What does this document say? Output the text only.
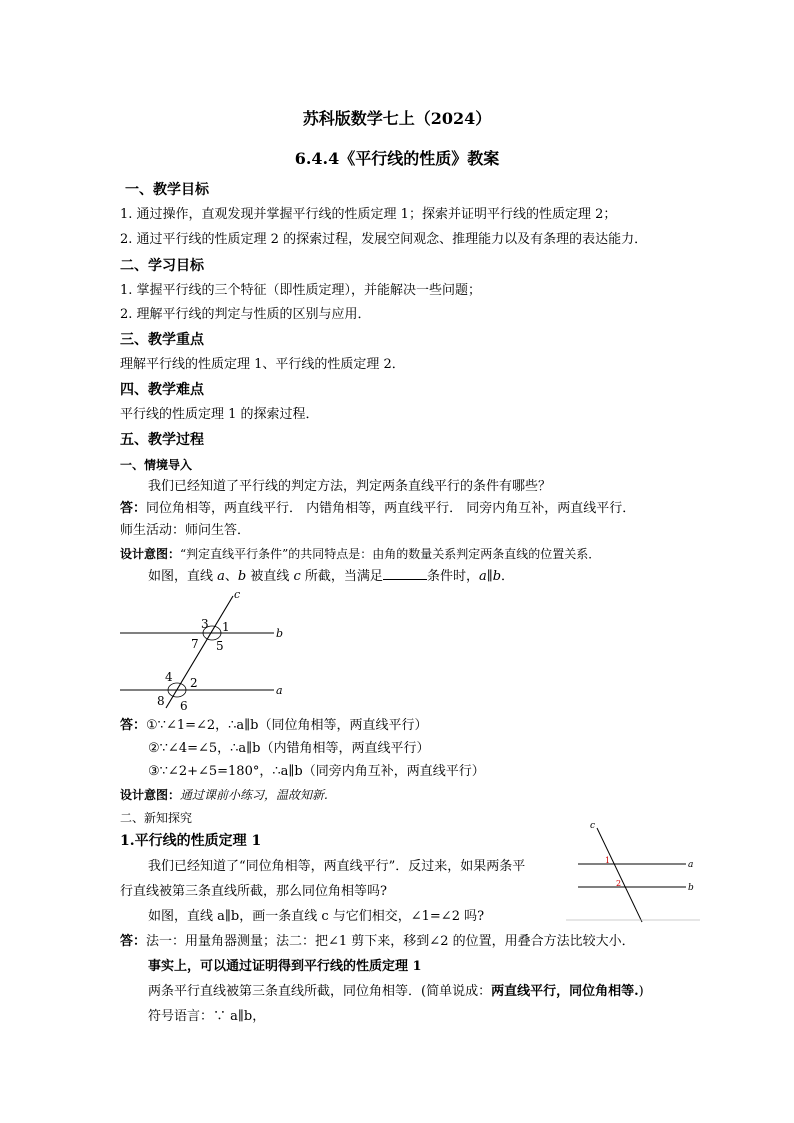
苏科版数学七上（2024）
6.4.4《平行线的性质》教案
一、教学目标
1. 通过操作，直观发现并掌握平行线的性质定理 1；探索并证明平行线的性质定理 2；
2. 通过平行线的性质定理 2 的探索过程，发展空间观念、推理能力以及有条理的表达能力．
二、学习目标
1. 掌握平行线的三个特征（即性质定理），并能解决一些问题；
2. 理解平行线的判定与性质的区别与应用．
三、教学重点
理解平行线的性质定理 1、平行线的性质定理 2．
四、教学难点
平行线的性质定理 1 的探索过程．
五、教学过程
一、情境导入
我们已经知道了平行线的判定方法，判定两条直线平行的条件有哪些？
答：同位角相等，两直线平行． 内错角相等，两直线平行． 同旁内角互补，两直线平行．
师生活动：师问生答．
设计意图：“判定直线平行条件”的共同特点是：由角的数量关系判定两条直线的位置关系．
如图，直线 a、b 被直线 c 所截，当满足	条件时，a∥b．
c
b
a
3 1
7 5
4 2
8 6
答：①∵∠1=∠2，∴a∥b（同位角相等，两直线平行）
②∵∠4=∠5，∴a∥b（内错角相等，两直线平行）
③∵∠2+∠5=180°，∴a∥b（同旁内角互补，两直线平行）
设计意图：通过课前小练习，温故知新.
二、新知探究
1.平行线的性质定理 1
我们已经知道了“同位角相等，两直线平行”．反过来，如果两条平
行直线被第三条直线所截，那么同位角相等吗?
如图，直线 a∥b，画一条直线 c 与它们相交，∠1=∠2 吗?
c
a
b
1
2
答：法一：用量角器测量；法二：把∠1 剪下来，移到∠2 的位置，用叠合方法比较大小．
事实上，可以通过证明得到平行线的性质定理 1
两条平行直线被第三条直线所截，同位角相等．(简单说成：两直线平行，同位角相等.)
符号语言：∵ a∥b，
